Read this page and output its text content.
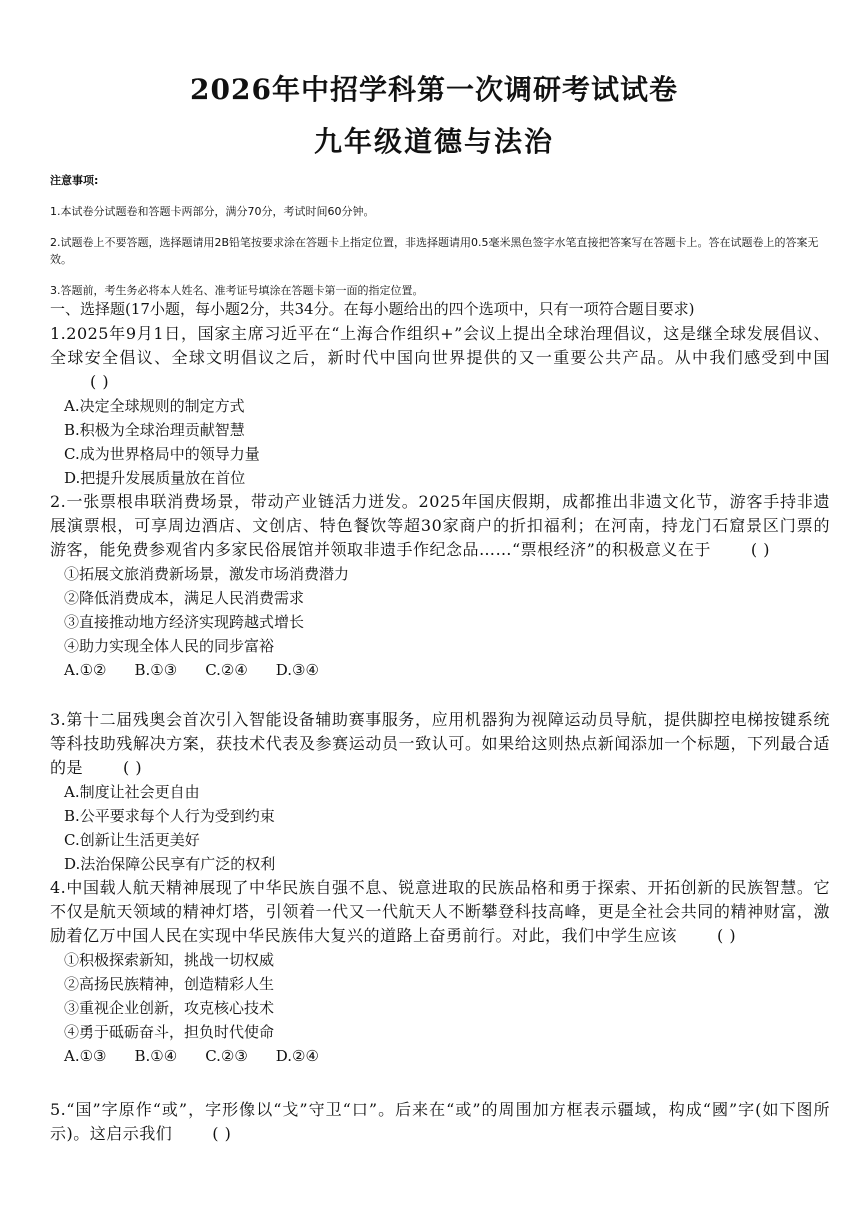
2026年中招学科第一次调研考试试卷
九年级道德与法治
注意事项:

1.本试卷分试题卷和答题卡两部分，满分70分，考试时间60分钟。

2.试题卷上不要答题，选择题请用2B铅笔按要求涂在答题卡上指定位置，非选择题请用0.5毫米黑色签字水笔直接把答案写在答题卡上。答在试题卷上的答案无效。

3.答题前，考生务必将本人姓名、准考证号填涂在答题卡第一面的指定位置。

一、选择题(17小题，每小题2分，共34分。在每小题给出的四个选项中，只有一项符合题目要求)

1.2025年9月1日，国家主席习近平在“上海合作组织+”会议上提出全球治理倡议，这是继全球发展倡议、全球安全倡议、全球文明倡议之后，新时代中国向世界提供的又一重要公共产品。从中我们感受到中国( )

A.决定全球规则的制定方式

B.积极为全球治理贡献智慧

C.成为世界格局中的领导力量

D.把提升发展质量放在首位

2.一张票根串联消费场景，带动产业链活力迸发。2025年国庆假期，成都推出非遗文化节，游客手持非遗展演票根，可享周边酒店、文创店、特色餐饮等超30家商户的折扣福利；在河南，持龙门石窟景区门票的游客，能免费参观省内多家民俗展馆并领取非遗手作纪念品……“票根经济”的积极意义在于	( )

①拓展文旅消费新场景，激发市场消费潜力

②降低消费成本，满足人民消费需求

③直接推动地方经济实现跨越式增长

④助力实现全体人民的同步富裕

A.①② B.①③ C.②④ D.③④

3.第十二届残奥会首次引入智能设备辅助赛事服务，应用机器狗为视障运动员导航，提供脚控电梯按键系统等科技助残解决方案，获技术代表及参赛运动员一致认可。如果给这则热点新闻添加一个标题，下列最合适的是	( )

A.制度让社会更自由

B.公平要求每个人行为受到约束

C.创新让生活更美好

D.法治保障公民享有广泛的权利

4.中国载人航天精神展现了中华民族自强不息、锐意进取的民族品格和勇于探索、开拓创新的民族智慧。它不仅是航天领域的精神灯塔，引领着一代又一代航天人不断攀登科技高峰，更是全社会共同的精神财富，激励着亿万中国人民在实现中华民族伟大复兴的道路上奋勇前行。对此，我们中学生应该	( )

①积极探索新知，挑战一切权威

②高扬民族精神，创造精彩人生

③重视企业创新，攻克核心技术

④勇于砥砺奋斗，担负时代使命

A.①③ B.①④ C.②③ D.②④

5.“国”字原作“或”，字形像以“戈”守卫“口”。后来在“或”的周围加方框表示疆域，构成“國”字(如下图所示)。这启示我们	( )
